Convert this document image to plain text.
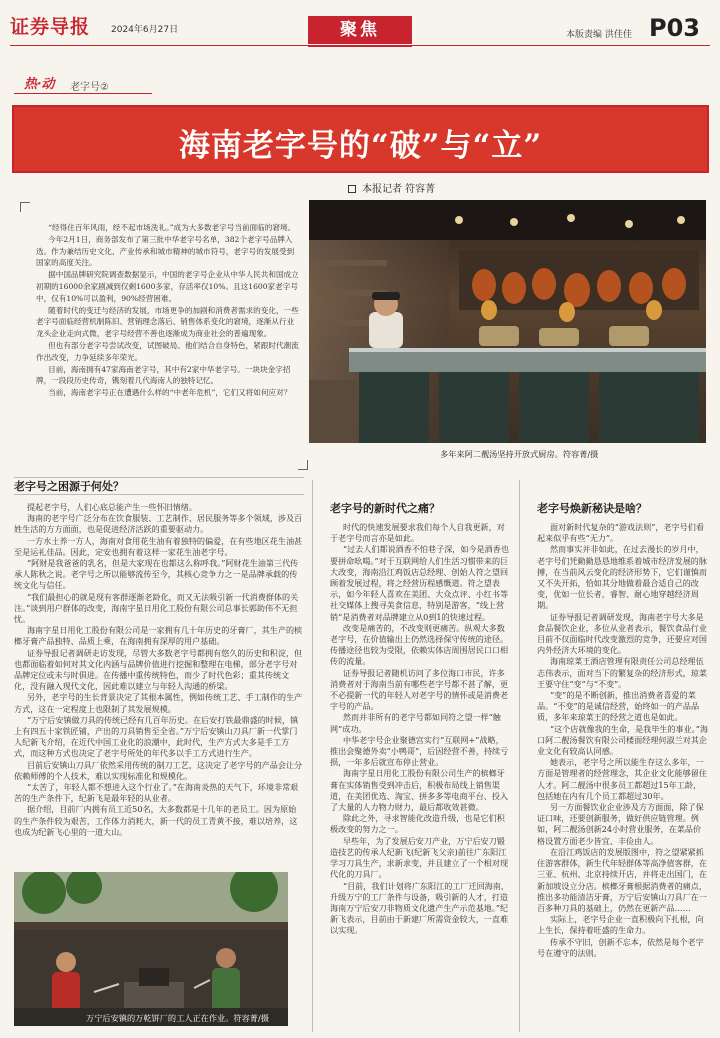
证券导报 2024年6月27日	聚焦	本版责编 洪佳佳 P03
热·动 老字号②
海南老字号的“破”与“立”
本报记者 符容菁

“经得住百年风雨，经不起市场洗礼。”成为大多数老字号当前面临的窘境。

今年2月1日，商务部发布了第三批中华老字号名单，382个老字号品牌入选。作为兼结历史文化、产业传承和城市精神的城市符号，老字号的发展受到国家的高度关注。

据中国品牌研究院调查数据显示，中国的老字号企业从中华人民共和国成立初期的16000余家剧减到仅剩1600多家，存活率仅10%。且这1600家老字号中，仅有10%可以盈利，90%经营困难。

随着时代的变迁与经济的发展，市场更争的加剧和消费者需求的变化，一些老字号面临经营机制陈旧、营销理念落后、销售体系变化的窘境，逐渐从行业龙头企业走向式微，老字号经营不善也逐渐成为商业社会的普遍现象。

但也有部分老字号尝试改变，试图破局。他们结合自身特色，紧跟时代潮流作出改变，力争延续多年荣光。

目前，海南拥有47家海南老字号，其中有2家中华老字号。一块块金字招牌，一段段历史传奇，镌刻着几代海南人的独特记忆。

当前，海南老字号正在遭遇什么样的“中老年危机”，它们又将如何应对？

多年来阿二靓汤坚持开放式厨房。符容菁/摄
老字号之困源于何处？

提起老字号，人们心底总能产生一些怀旧情绪。

海南的老字号广泛分布在饮食服装、工艺制作、居民服务等多个领域，涉及百姓生活的方方面面，也是促进经济活跃的重要驱动力。

一方水土养一方人，海南对食用花生油有着独特的偏爱，在有些地区花生油甚至是运礼佳品。因此，定安也拥有着这样一家花生油老字号。

“阿财是我爸爸的乳名，但是大家现在也都这么称呼我。”阿财花生油第三代传承人陈秋之说。老字号之所以能够流传至今，其核心竞争力之一是品牌承载的传统文化与信任。

“我们最担心的就是现有客群逐渐老龄化，而又无法吸引新一代消费群体的关注。”谈到用户群体的改变，海南字星日用化工股份有限公司总事长郭助伟不无担忧。

海南字星日用化工股份有限公司是一家拥有几十年历史的牙膏厂，其生产的槟榔牙膏产品独特、品质上乘，在海南拥有深厚的用户基础。

证券导报记者调研走访发现，尽管大多数老字号都拥有悠久的历史和积淀，但也都面临着如何对其文化内涵与品牌价值进行挖掘和整理在电梯，部分老字号对品牌定位或未与时俱进。在传播中重传统特色，而少了时代色彩；重其传统文化，没有融入现代文化，因此难以建立与年轻人沟通的桥梁。

另外，老字号的生长背景决定了其根本属性，例如传统工艺、手工制作的生产方式，这在一定程度上也限制了其发展规模。

“万宁后安镇做刀具的传统已经有几百年历史。在后安打铁最鼎盛的时候，镇上有四五十家铁匠铺，产出的刀具销售至全省。”万宁后安镇山刀具厂新一代掌门人纪新飞介绍，在近代中国工业化的浪潮中，此时代，生产方式大多是手工方式，而这种方式也决定了老字号所处的年代多以手工方式进行生产。

目前后安镇山刀具厂依然采用传统的制刀工艺，这决定了老字号的产品会让分依赖师傅的个人技术，难以实现标准化和规模化。

“太苦了，年轻人都不想进入这个行业了。”在海南炎热的天气下，环境非常艰苦的生产条件下，纪新飞是最年轻的从业者。

据介绍，目前厂内拥有员工近50名，大多数都是十几年的老员工。因为原始的生产条件较为艰苦，工作体力消耗大，新一代的员工青黄不接，难以培养，这也成为纪新飞心里的一道大山。

万宁后安镇的万乾饼厂的工人正在作业。符容菁/摄
老字号的新时代之痛？

时代的快速发展要求我们每个人自我更新，对于老字号而言亦是如此。

“过去人们都说酒香不怕巷子深，如今是酒香也要拼命吆喝。”对于互联网给人们生活习惯带来的巨大改变，海南沿江鸡饭店总经理、创始人符之望回顾着发展过程，将之经营历程感慨道。符之望表示，如今年轻人喜欢在美团、大众点评、小红书等社交媒体上搜寻美食信息，特别是游客，“线上营销”是消费者对品牌建立从0到1的快速过程。

改变是痛苦的，不改变则更痛苦。纵观大多数老字号，在价值输出上仍然选择保守传统的途径。传播途径也较为受限，依赖实体店周围居民口口相传的流量。

证券导报记者随机访问了多位海口市民，许多消费者对于海南当前有哪些老字号都不甚了解，更不必提新一代的年轻人对老字号的情怀或是消费老字号的产品。

然而并非所有的老字号都如同符之望一样“触网”成功。

中华老字号企业聚德宫实行“互联网+”战略，推出会聚德外卖“小鸭哥”，后因经营不善，持续亏损，一年多后就宣布停止营业。

海南字星日用化工股份有限公司生产的槟榔牙膏在实体销售受到冲击后，积极布局线上销售渠道，在美团优选、淘宝、拼多多等电商平台、投入了大量的人力物力财力，最后都收效甚微。

除此之外，寻求智能化改造升级，也是它们积极改变的努力之一。

早些年，为了发展后安刀产业，万宁后安刀锻造技艺的传承人纪新飞(纪新飞父亲)前往广东阳江学习刀具生产，求新求变，并且建立了一个相对现代化的刀具厂。

“目前，我们计划将广东阳江的工厂迁回海南，升级万宁的工厂条件与设备，吸引新的人才，打造海南万宁后安刀非物质文化遗产生产示范基地。”纪新飞表示，目前由于新建厂所需资金较大，一直难以实现。

老字号焕新秘诀是啥？

面对新时代复杂的“游戏法则”，老字号们看起来似乎有些“无力”。

然而事实并非如此，在过去漫长的岁月中，老字号们凭勤勤恳恳地维系着城市经济发展的脉搏，在当前风云变化的经济形势下，它们谨慎而又不失开拓，恰如其分地做着最合适自己的改变，优如一位长者，睿智、耐心地穿越经济周期。

证券导报记者调研发现，海南老字号大多是食品餐饮企业，多位从业者表示，餐饮食品行业目前不仅面临时代改变激烈的竞争，还要应对国内外经济大环境的变化。

海南琼菜王酒店管理有限责任公司总经理伍志伟表示，面对当下的繁复杂的经济形式，琼菜王要守住“变”与“不变”。

“变”的是不断创新，推出消费者喜爱的菜品。“不变”的是诚信经营，始终如一的产品品质，多年来琼菜王的经营之道也是如此。

“这个店就像我的生命，是我毕生的事业。”海口阿二靓汤餐饮有限公司楼面经理何淑兰对其企业文化有较高认同感。

她表示，老字号之所以能生存这么多年，一方面是管理者的经营理念，其企业文化能够留住人才。阿二靓汤中很多员工都超过15年工龄，包括她在内有几个员工都超过30年。

另一方面餐饮业企业涉及方方面面，除了保证口味，还要创新服务，做好供应链管理。例如，阿二靓汤创新24小时营业服务，在菜品价格设置方面老少皆宜、丰俭由人。

在沿江鸡饭店的发展版图中，符之望紧紧抓住游客群体，新生代年轻群体等高净值客群，在三亚、杭州、北京持续开店，并将走出国门，在新加坡设立分店。槟榔牙膏根据消费者的痛点，推出多功能清洁牙膏，万宁后安镇山刀具厂在一百多种刀具的基础上，仍然在更新产品……

实际上，老字号企业一直积极向下扎根，向上生长，保持着旺盛的生命力。

传承不守旧，创新不忘本，依然是每个老字号在遵守的法则。
